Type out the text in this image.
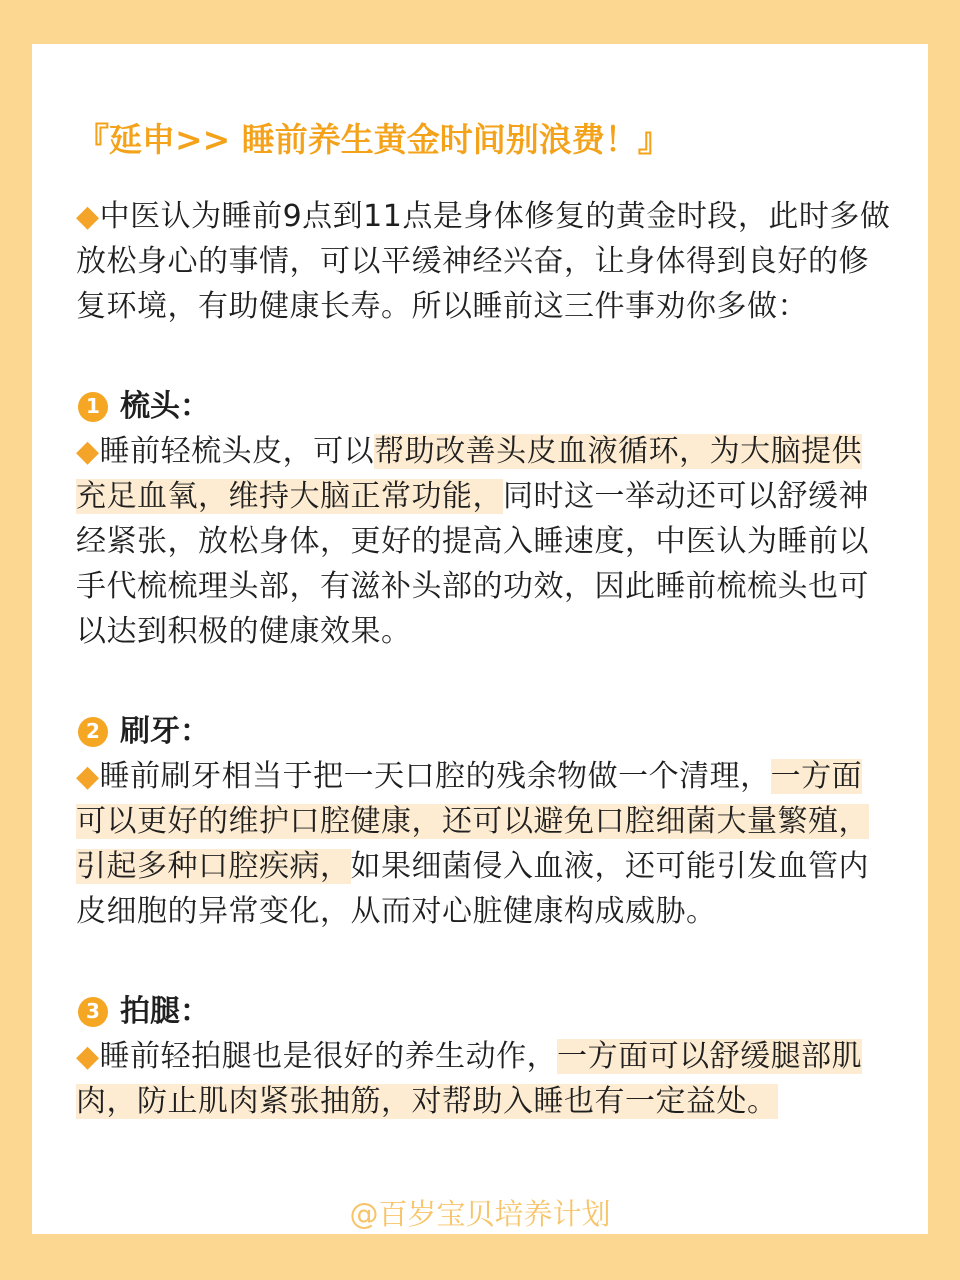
『延申>> 睡前养生黄金时间别浪费！』

◆中医认为睡前9点到11点是身体修复的黄金时段，此时多做放松身心的事情，可以平缓神经兴奋，让身体得到良好的修复环境，有助健康长寿。所以睡前这三件事劝你多做：

1 梳头：

◆睡前轻梳头皮，可以帮助改善头皮血液循环，为大脑提供充足血氧，维持大脑正常功能，同时这一举动还可以舒缓神经紧张，放松身体，更好的提高入睡速度，中医认为睡前以手代梳梳理头部，有滋补头部的功效，因此睡前梳梳头也可以达到积极的健康效果。

2 刷牙：

◆睡前刷牙相当于把一天口腔的残余物做一个清理，一方面可以更好的维护口腔健康，还可以避免口腔细菌大量繁殖，引起多种口腔疾病，如果细菌侵入血液，还可能引发血管内皮细胞的异常变化，从而对心脏健康构成威胁。

3 拍腿：

◆睡前轻拍腿也是很好的养生动作，一方面可以舒缓腿部肌肉，防止肌肉紧张抽筋，对帮助入睡也有一定益处。

@百岁宝贝培养计划
